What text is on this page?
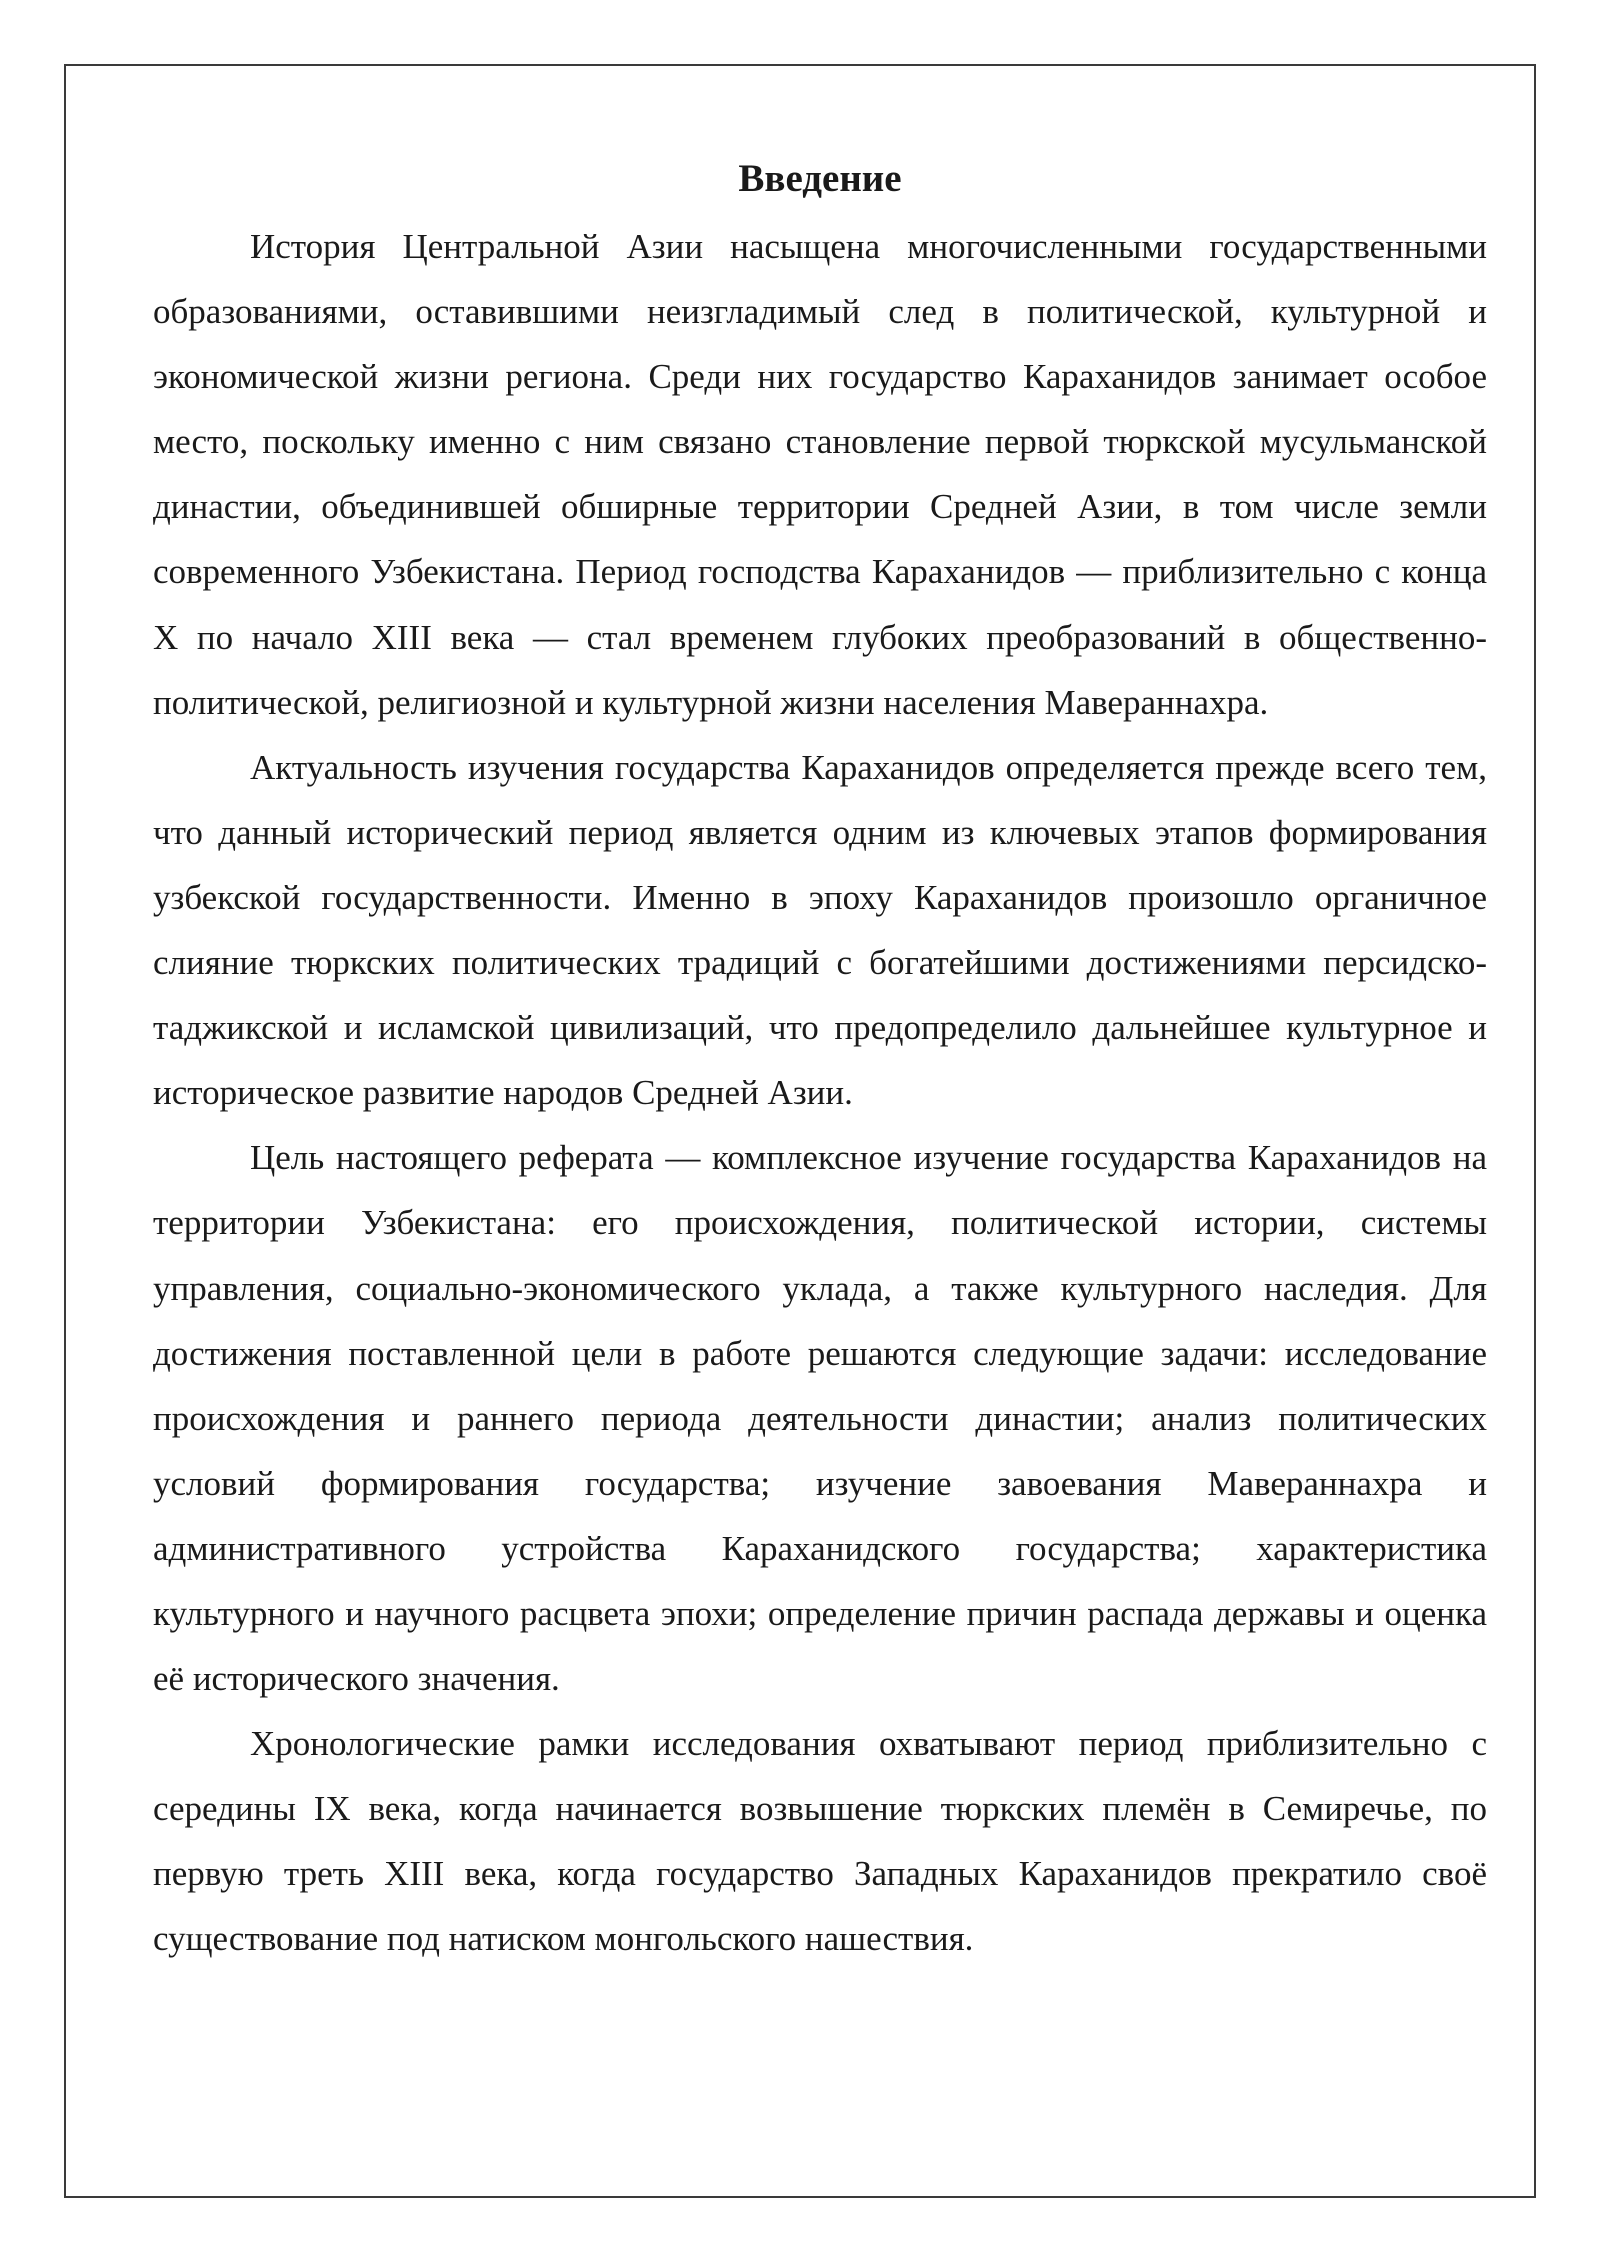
Введение

История Центральной Азии насыщена многочисленными государственными образованиями, оставившими неизгладимый след в политической, культурной и экономической жизни региона. Среди них государство Караханидов занимает особое место, поскольку именно с ним связано становление первой тюркской мусульманской династии, объединившей обширные территории Средней Азии, в том числе земли современного Узбекистана. Период господства Караханидов — приблизительно с конца X по начало XIII века — стал временем глубоких преобразований в общественно-политической, религиозной и культурной жизни населения Мавераннахра.

Актуальность изучения государства Караханидов определяется прежде всего тем, что данный исторический период является одним из ключевых этапов формирования узбекской государственности. Именно в эпоху Караханидов произошло органичное слияние тюркских политических традиций с богатейшими достижениями персидско-таджикской и исламской цивилизаций, что предопределило дальнейшее культурное и историческое развитие народов Средней Азии.

Цель настоящего реферата — комплексное изучение государства Караханидов на территории Узбекистана: его происхождения, политической истории, системы управления, социально-экономического уклада, а также культурного наследия. Для достижения поставленной цели в работе решаются следующие задачи: исследование происхождения и раннего периода деятельности династии; анализ политических условий формирования государства; изучение завоевания Мавераннахра и административного устройства Караханидского государства; характеристика культурного и научного расцвета эпохи; определение причин распада державы и оценка её исторического значения.

Хронологические рамки исследования охватывают период приблизительно с середины IX века, когда начинается возвышение тюркских племён в Семиречье, по первую треть XIII века, когда государство Западных Караханидов прекратило своё существование под натиском монгольского нашествия.
